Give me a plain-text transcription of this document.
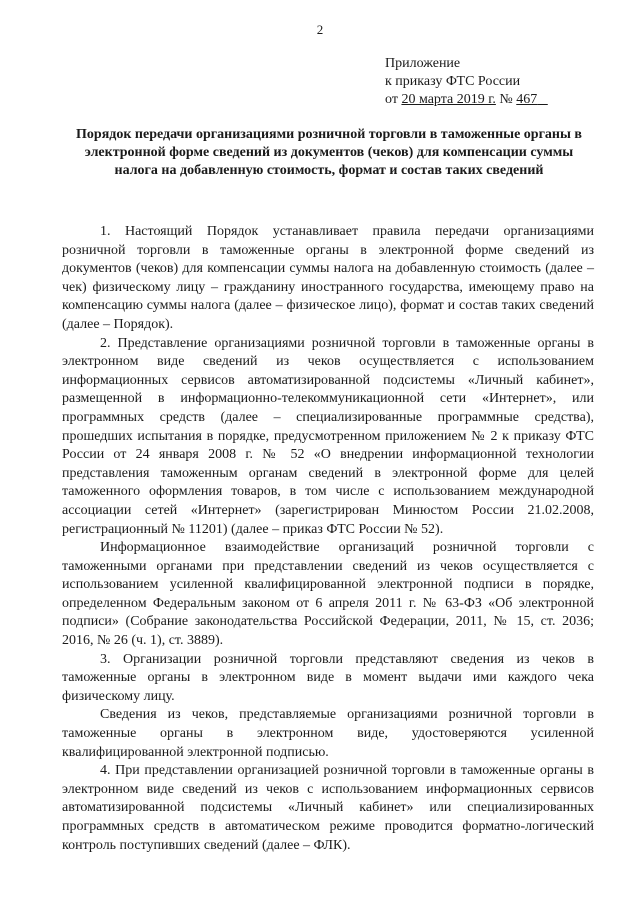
2
Приложение
к приказу ФТС России
от 20 марта 2019 г. № 467
Порядок передачи организациями розничной торговли в таможенные органы в электронной форме сведений из документов (чеков) для компенсации суммы налога на добавленную стоимость, формат и состав таких сведений

1. Настоящий Порядок устанавливает правила передачи организациями розничной торговли в таможенные органы в электронной форме сведений из документов (чеков) для компенсации суммы налога на добавленную стоимость (далее – чек) физическому лицу – гражданину иностранного государства, имеющему право на компенсацию суммы налога (далее – физическое лицо), формат и состав таких сведений (далее – Порядок).

2. Представление организациями розничной торговли в таможенные органы в электронном виде сведений из чеков осуществляется с использованием информационных сервисов автоматизированной подсистемы «Личный кабинет», размещенной в информационно-телекоммуникационной сети «Интернет», или программных средств (далее – специализированные программные средства), прошедших испытания в порядке, предусмотренном приложением № 2 к приказу ФТС России от 24 января 2008 г. № 52 «О внедрении информационной технологии представления таможенным органам сведений в электронной форме для целей таможенного оформления товаров, в том числе с использованием международной ассоциации сетей «Интернет» (зарегистрирован Минюстом России 21.02.2008, регистрационный № 11201) (далее – приказ ФТС России № 52).

Информационное взаимодействие организаций розничной торговли с таможенными органами при представлении сведений из чеков осуществляется с использованием усиленной квалифицированной электронной подписи в порядке, определенном Федеральным законом от 6 апреля 2011 г. № 63-ФЗ «Об электронной подписи» (Собрание законодательства Российской Федерации, 2011, № 15, ст. 2036; 2016, № 26 (ч. 1), ст. 3889).

3. Организации розничной торговли представляют сведения из чеков в таможенные органы в электронном виде в момент выдачи ими каждого чека физическому лицу.

Сведения из чеков, представляемые организациями розничной торговли в таможенные органы в электронном виде, удостоверяются усиленной квалифицированной электронной подписью.

4. При представлении организацией розничной торговли в таможенные органы в электронном виде сведений из чеков с использованием информационных сервисов автоматизированной подсистемы «Личный кабинет» или специализированных программных средств в автоматическом режиме проводится форматно-логический контроль поступивших сведений (далее – ФЛК).
